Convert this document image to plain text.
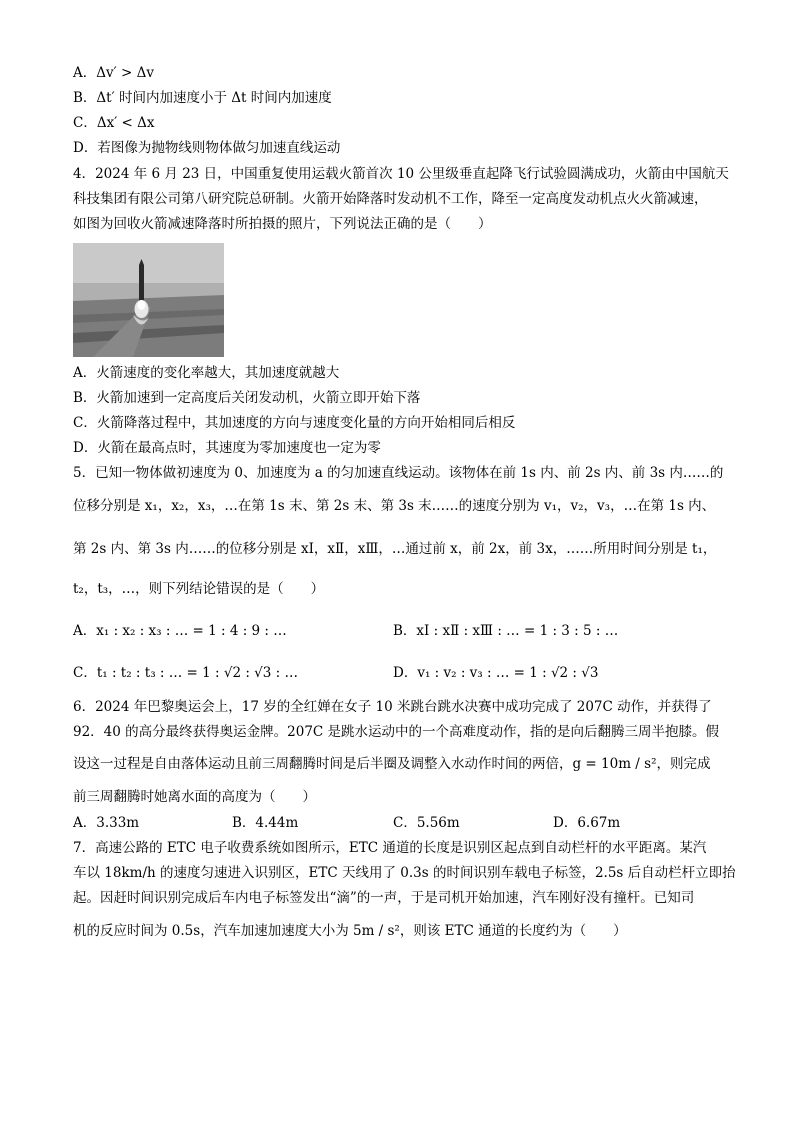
A．Δv′ > Δv
B．Δt′ 时间内加速度小于 Δt 时间内加速度
C．Δx′ < Δx
D．若图像为抛物线则物体做匀加速直线运动
4．2024 年 6 月 23 日，中国重复使用运载火箭首次 10 公里级垂直起降飞行试验圆满成功，火箭由中国航天
科技集团有限公司第八研究院总研制。火箭开始降落时发动机不工作，降至一定高度发动机点火火箭减速，
如图为回收火箭减速降落时所拍摄的照片，下列说法正确的是（　　）
A．火箭速度的变化率越大，其加速度就越大
B．火箭加速到一定高度后关闭发动机，火箭立即开始下落
C．火箭降落过程中，其加速度的方向与速度变化量的方向开始相同后相反
D．火箭在最高点时，其速度为零加速度也一定为零
5．已知一物体做初速度为 0、加速度为 a 的匀加速直线运动。该物体在前 1s 内、前 2s 内、前 3s 内……的
位移分别是 x₁，x₂，x₃，…在第 1s 末、第 2s 末、第 3s 末……的速度分别为 v₁，v₂，v₃，…在第 1s 内、
第 2s 内、第 3s 内……的位移分别是 xⅠ，xⅡ，xⅢ，…通过前 x，前 2x，前 3x，……所用时间分别是 t₁，
t₂，t₃，…，则下列结论错误的是（　　）
A．x₁ : x₂ : x₃ : … = 1 : 4 : 9 : …	B．xⅠ : xⅡ : xⅢ : … = 1 : 3 : 5 : …
C．t₁ : t₂ : t₃ : … = 1 : √2 : √3 : …	D．v₁ : v₂ : v₃ : … = 1 : √2 : √3
6．2024 年巴黎奥运会上，17 岁的全红婵在女子 10 米跳台跳水决赛中成功完成了 207C 动作，并获得了
92．40 的高分最终获得奥运金牌。207C 是跳水运动中的一个高难度动作，指的是向后翻腾三周半抱膝。假
设这一过程是自由落体运动且前三周翻腾时间是后半圈及调整入水动作时间的两倍，g = 10m / s²，则完成
前三周翻腾时她离水面的高度为（　　）
A．3.33m	B．4.44m	C．5.56m	D．6.67m
7．高速公路的 ETC 电子收费系统如图所示，ETC 通道的长度是识别区起点到自动栏杆的水平距离。某汽
车以 18km/h 的速度匀速进入识别区，ETC 天线用了 0.3s 的时间识别车载电子标签，2.5s 后自动栏杆立即抬
起。因赶时间识别完成后车内电子标签发出“滴”的一声，于是司机开始加速，汽车刚好没有撞杆。已知司
机的反应时间为 0.5s，汽车加速加速度大小为 5m / s²，则该 ETC 通道的长度约为（　　）
